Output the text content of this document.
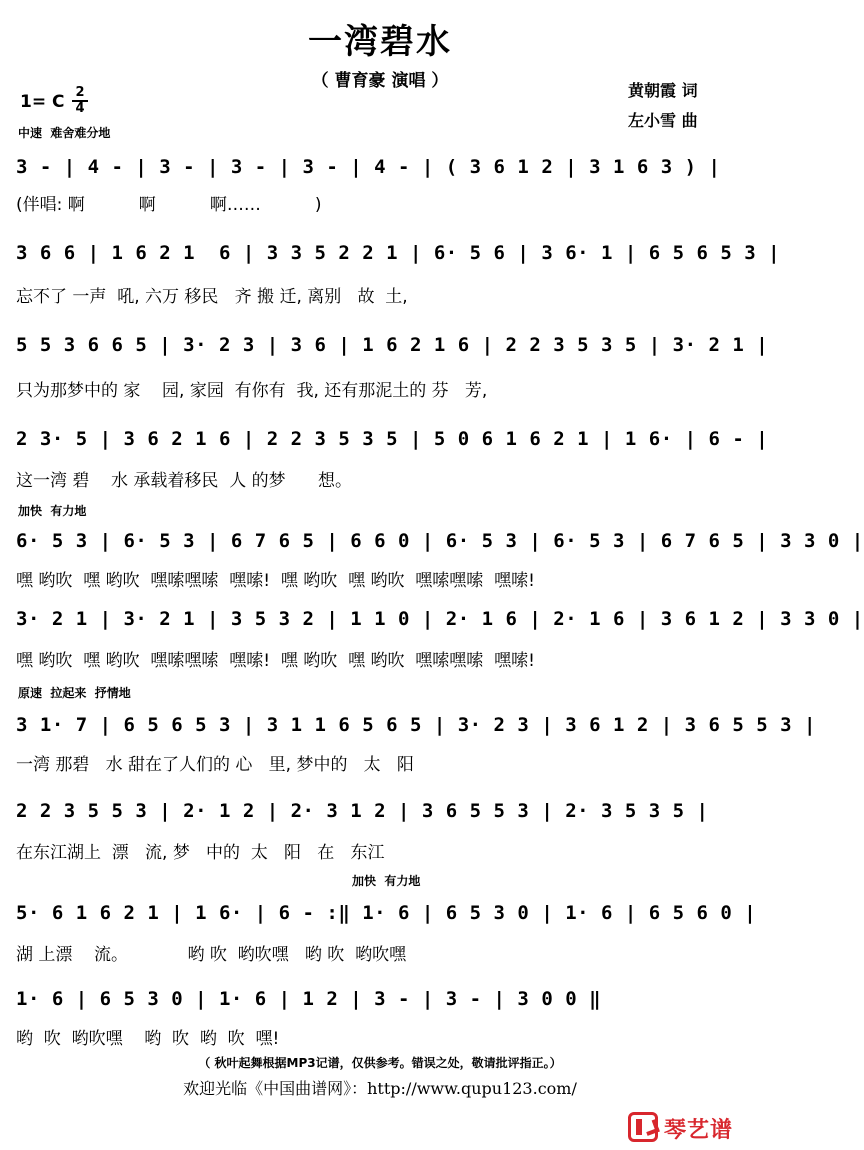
一湾碧水
（ 曹育豪 演唱 ）	黄朝霞 词
左小雪 曲
1= C 2
4
中速  难舍难分地
3 - | 4 - | 3 - | 3 - | 3 - | 4 - | ( 3 6 1 2 | 3 1 6 3 ) |
(伴唱: 啊          啊          啊……          )
3 6 6 | 1 6 2 1  6 | 3 3 5 2 2 1 | 6· 5 6 | 3 6· 1 | 6 5 6 5 3 |
忘不了 一声  吼, 六万 移民   齐 搬 迁, 离别   故  土,
5 5 3 6 6 5 | 3· 2 3 | 3 6 | 1 6 2 1 6 | 2 2 3 5 3 5 | 3· 2 1 |
只为那梦中的 家    园, 家园  有你有  我, 还有那泥土的 芬   芳,
2 3· 5 | 3 6 2 1 6 | 2 2 3 5 3 5 | 5 0 6 1 6 2 1 | 1 6· | 6 - |
这一湾 碧    水 承载着移民  人 的梦      想。
加快  有力地
6· 5 3 | 6· 5 3 | 6 7 6 5 | 6 6 0 | 6· 5 3 | 6· 5 3 | 6 7 6 5 | 3 3 0 |
嘿 哟吹  嘿 哟吹  嘿嗦嘿嗦  嘿嗦!  嘿 哟吹  嘿 哟吹  嘿嗦嘿嗦  嘿嗦!
3· 2 1 | 3· 2 1 | 3 5 3 2 | 1 1 0 | 2· 1 6 | 2· 1 6 | 3 6 1 2 | 3 3 0 |
嘿 哟吹  嘿 哟吹  嘿嗦嘿嗦  嘿嗦!  嘿 哟吹  嘿 哟吹  嘿嗦嘿嗦  嘿嗦!
原速  拉起来  抒情地
3 1· 7 | 6 5 6 5 3 | 3 1 1 6 5 6 5 | 3· 2 3 | 3 6 1 2 | 3 6 5 5 3 |
一湾 那碧   水 甜在了人们的 心   里, 梦中的   太   阳
2 2 3 5 5 3 | 2· 1 2 | 2· 3 1 2 | 3 6 5 5 3 | 2· 3 5 3 5 |
在东江湖上  漂   流, 梦   中的  太   阳   在   东江
加快  有力地
5· 6 1 6 2 1 | 1 6· | 6 - :‖ 1· 6 | 6 5 3 0 | 1· 6 | 6 5 6 0 |
湖 上漂    流。           哟 吹  哟吹嘿   哟 吹  哟吹嘿
1· 6 | 6 5 3 0 | 1· 6 | 1 2 | 3 - | 3 - | 3 0 0 ‖
哟  吹  哟吹嘿    哟  吹  哟  吹  嘿!
（ 秋叶起舞根据MP3记谱，仅供参考。错误之处，敬请批评指正。）
欢迎光临《中国曲谱网》：http://www.qupu123.com/
琴艺谱
